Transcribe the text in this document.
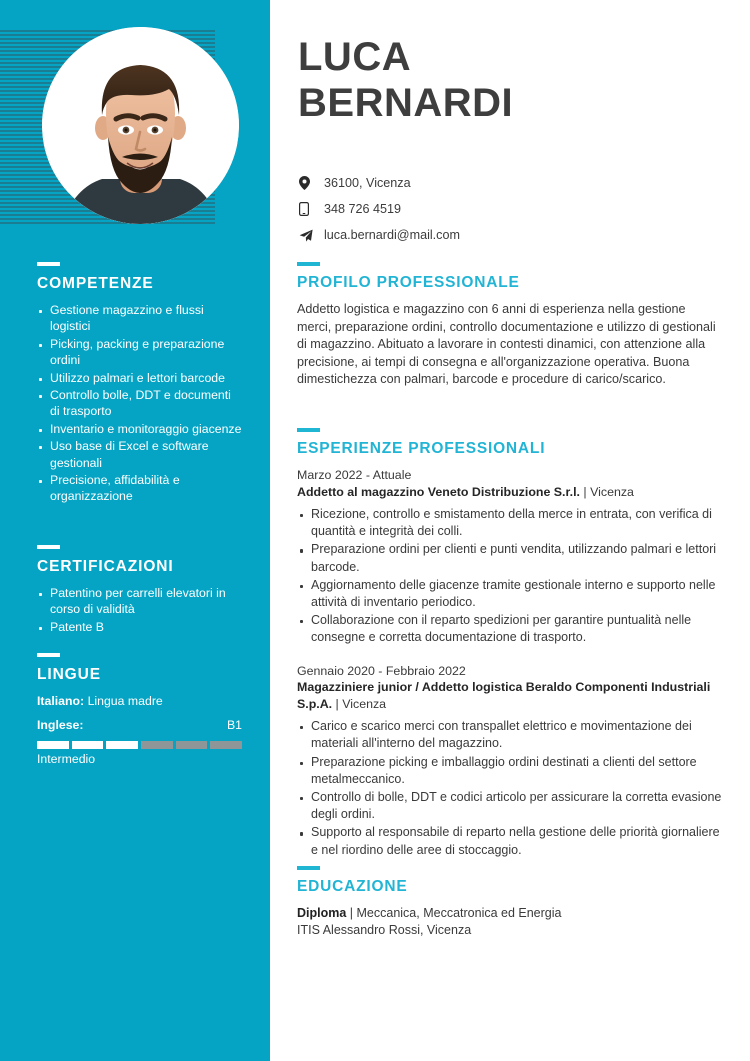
COMPETENZE
Gestione magazzino e flussi logistici
Picking, packing e preparazione ordini
Utilizzo palmari e lettori barcode
Controllo bolle, DDT e documenti di trasporto
Inventario e monitoraggio giacenze
Uso base di Excel e software gestionali
Precisione, affidabilità e organizzazione
CERTIFICAZIONI
Patentino per carrelli elevatori in corso di validità
Patente B
LINGUE
Italiano: Lingua madre
Inglese:	B1
Intermedio
LUCA
BERNARDI
36100, Vicenza
348 726 4519
luca.bernardi@mail.com
PROFILO PROFESSIONALE
Addetto logistica e magazzino con 6 anni di esperienza nella gestione merci, preparazione ordini, controllo documentazione e utilizzo di gestionali di magazzino. Abituato a lavorare in contesti dinamici, con attenzione alla precisione, ai tempi di consegna e all'organizzazione operativa. Buona dimestichezza con palmari, barcode e procedure di carico/scarico.
ESPERIENZE PROFESSIONALI
Marzo 2022 - Attuale
Addetto al magazzino Veneto Distribuzione S.r.l. | Vicenza
Ricezione, controllo e smistamento della merce in entrata, con verifica di quantità e integrità dei colli.
Preparazione ordini per clienti e punti vendita, utilizzando palmari e lettori barcode.
Aggiornamento delle giacenze tramite gestionale interno e supporto nelle attività di inventario periodico.
Collaborazione con il reparto spedizioni per garantire puntualità nelle consegne e corretta documentazione di trasporto.
Gennaio 2020 - Febbraio 2022
Magazziniere junior / Addetto logistica Beraldo Componenti Industriali S.p.A. | Vicenza
Carico e scarico merci con transpallet elettrico e movimentazione dei materiali all'interno del magazzino.
Preparazione picking e imballaggio ordini destinati a clienti del settore metalmeccanico.
Controllo di bolle, DDT e codici articolo per assicurare la corretta evasione degli ordini.
Supporto al responsabile di reparto nella gestione delle priorità giornaliere e nel riordino delle aree di stoccaggio.
EDUCAZIONE
Diploma | Meccanica, Meccatronica ed Energia
ITIS Alessandro Rossi, Vicenza
